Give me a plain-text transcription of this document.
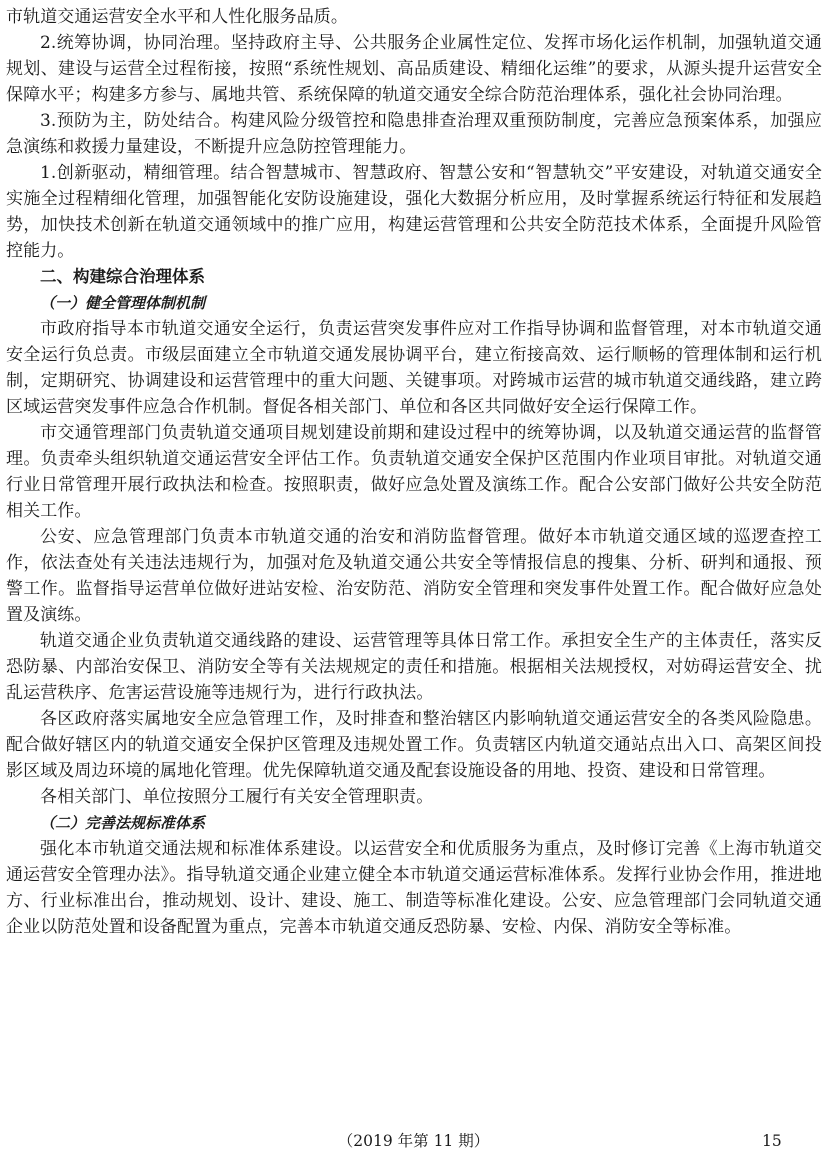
市轨道交通运营安全水平和人性化服务品质。

2.统筹协调，协同治理。坚持政府主导、公共服务企业属性定位、发挥市场化运作机制，加强轨道交通规划、建设与运营全过程衔接，按照“系统性规划、高品质建设、精细化运维”的要求，从源头提升运营安全保障水平；构建多方参与、属地共管、系统保障的轨道交通安全综合防范治理体系，强化社会协同治理。

3.预防为主，防处结合。构建风险分级管控和隐患排查治理双重预防制度，完善应急预案体系，加强应急演练和救援力量建设，不断提升应急防控管理能力。

1.创新驱动，精细管理。结合智慧城市、智慧政府、智慧公安和“智慧轨交”平安建设，对轨道交通安全实施全过程精细化管理，加强智能化安防设施建设，强化大数据分析应用，及时掌握系统运行特征和发展趋势，加快技术创新在轨道交通领域中的推广应用，构建运营管理和公共安全防范技术体系，全面提升风险管控能力。

二、构建综合治理体系
（一）健全管理体制机制

市政府指导本市轨道交通安全运行，负责运营突发事件应对工作指导协调和监督管理，对本市轨道交通安全运行负总责。市级层面建立全市轨道交通发展协调平台，建立衔接高效、运行顺畅的管理体制和运行机制，定期研究、协调建设和运营管理中的重大问题、关键事项。对跨城市运营的城市轨道交通线路，建立跨区域运营突发事件应急合作机制。督促各相关部门、单位和各区共同做好安全运行保障工作。

市交通管理部门负责轨道交通项目规划建设前期和建设过程中的统筹协调，以及轨道交通运营的监督管理。负责牵头组织轨道交通运营安全评估工作。负责轨道交通安全保护区范围内作业项目审批。对轨道交通行业日常管理开展行政执法和检查。按照职责，做好应急处置及演练工作。配合公安部门做好公共安全防范相关工作。

公安、应急管理部门负责本市轨道交通的治安和消防监督管理。做好本市轨道交通区域的巡逻查控工作，依法查处有关违法违规行为，加强对危及轨道交通公共安全等情报信息的搜集、分析、研判和通报、预警工作。监督指导运营单位做好进站安检、治安防范、消防安全管理和突发事件处置工作。配合做好应急处置及演练。

轨道交通企业负责轨道交通线路的建设、运营管理等具体日常工作。承担安全生产的主体责任，落实反恐防暴、内部治安保卫、消防安全等有关法规规定的责任和措施。根据相关法规授权，对妨碍运营安全、扰乱运营秩序、危害运营设施等违规行为，进行行政执法。

各区政府落实属地安全应急管理工作，及时排查和整治辖区内影响轨道交通运营安全的各类风险隐患。配合做好辖区内的轨道交通安全保护区管理及违规处置工作。负责辖区内轨道交通站点出入口、高架区间投影区域及周边环境的属地化管理。优先保障轨道交通及配套设施设备的用地、投资、建设和日常管理。

各相关部门、单位按照分工履行有关安全管理职责。

（二）完善法规标准体系

强化本市轨道交通法规和标准体系建设。以运营安全和优质服务为重点，及时修订完善《上海市轨道交通运营安全管理办法》。指导轨道交通企业建立健全本市轨道交通运营标准体系。发挥行业协会作用，推进地方、行业标准出台，推动规划、设计、建设、施工、制造等标准化建设。公安、应急管理部门会同轨道交通企业以防范处置和设备配置为重点，完善本市轨道交通反恐防暴、安检、内保、消防安全等标准。

（2019 年第 11 期）	15
